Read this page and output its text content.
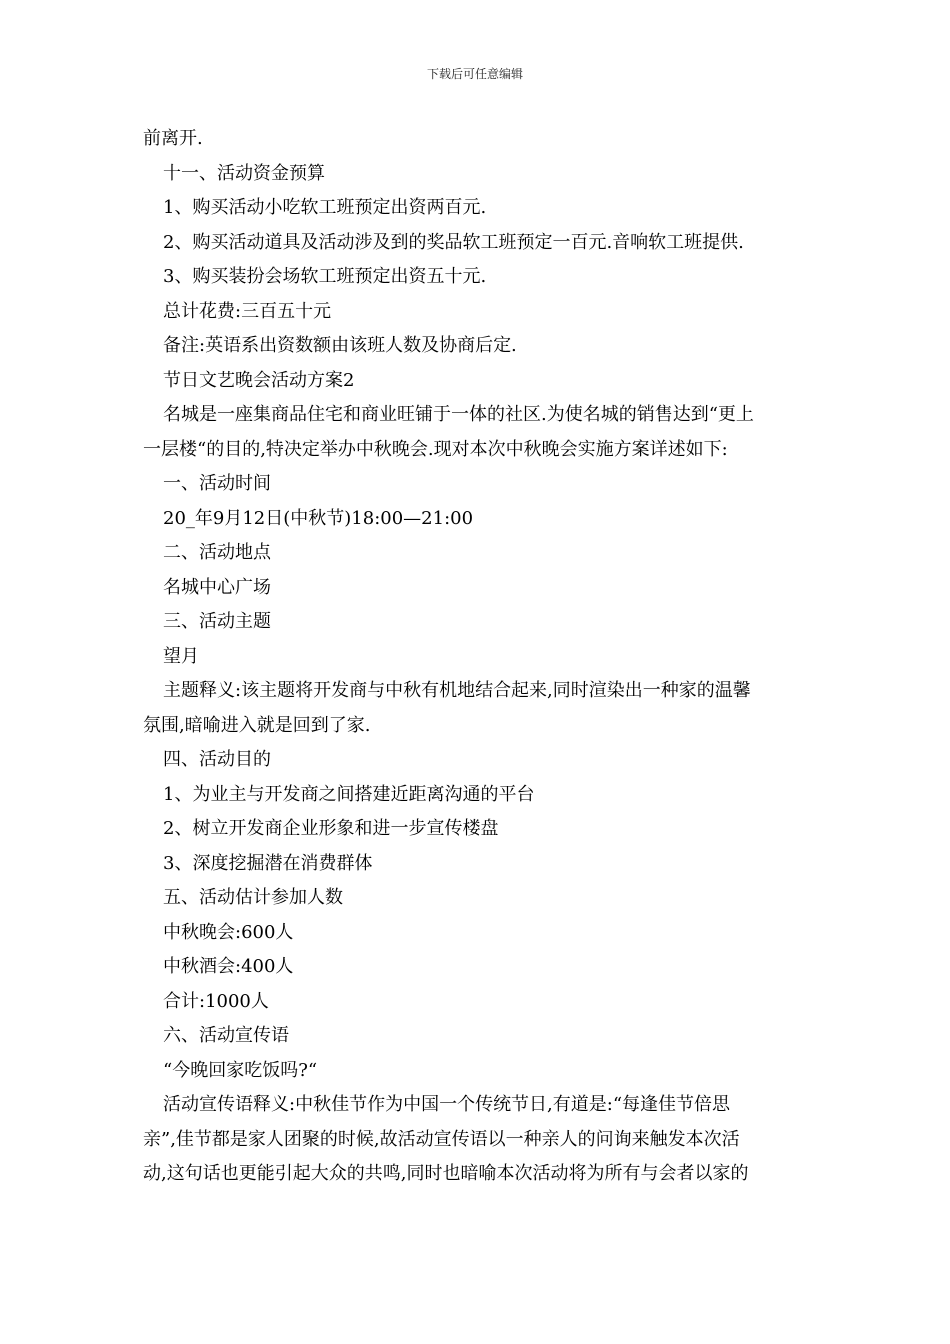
下载后可任意编辑
前离开.
十一、活动资金预算
1、购买活动小吃软工班预定出资两百元.
2、购买活动道具及活动涉及到的奖品软工班预定一百元.音响软工班提供.
3、购买装扮会场软工班预定出资五十元.
总计花费:三百五十元
备注:英语系出资数额由该班人数及协商后定.
节日文艺晚会活动方案2
名城是一座集商品住宅和商业旺铺于一体的社区.为使名城的销售达到“更上
一层楼“的目的,特决定举办中秋晚会.现对本次中秋晚会实施方案详述如下:
一、活动时间
20_年9月12日(中秋节)18:00—21:00
二、活动地点
名城中心广场
三、活动主题
望月
主题释义:该主题将开发商与中秋有机地结合起来,同时渲染出一种家的温馨
氛围,暗喻进入就是回到了家.
四、活动目的
1、为业主与开发商之间搭建近距离沟通的平台
2、树立开发商企业形象和进一步宣传楼盘
3、深度挖掘潜在消费群体
五、活动估计参加人数
中秋晚会:600人
中秋酒会:400人
合计:1000人
六、活动宣传语
“今晚回家吃饭吗?“
活动宣传语释义:中秋佳节作为中国一个传统节日,有道是:“每逢佳节倍思
亲”,佳节都是家人团聚的时候,故活动宣传语以一种亲人的问询来触发本次活
动,这句话也更能引起大众的共鸣,同时也暗喻本次活动将为所有与会者以家的
